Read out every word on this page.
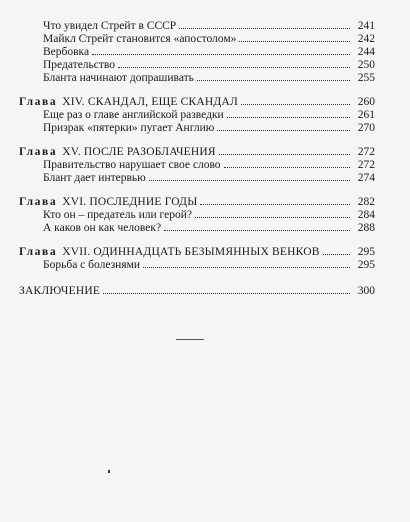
Что увидел Стрейт в СССР	241
Майкл Стрейт становится «апостолом»	242
Вербовка	244
Предательство	250
Бланта начинают допрашивать	255
Глава XIV. СКАНДАЛ, ЕЩЕ СКАНДАЛ	260
Еще раз о главе английской разведки	261
Призрак «пятерки» пугает Англию	270
Глава XV. ПОСЛЕ РАЗОБЛАЧЕНИЯ	272
Правительство нарушает свое слово	272
Блант дает интервью	274
Глава XVI. ПОСЛЕДНИЕ ГОДЫ	282
Кто он – предатель или герой?	284
А каков он как человек?	288
Глава XVII. ОДИННАДЦАТЬ БЕЗЫМЯННЫХ ВЕНКОВ	295
Борьба с болезнями	295
ЗАКЛЮЧЕНИЕ	300
